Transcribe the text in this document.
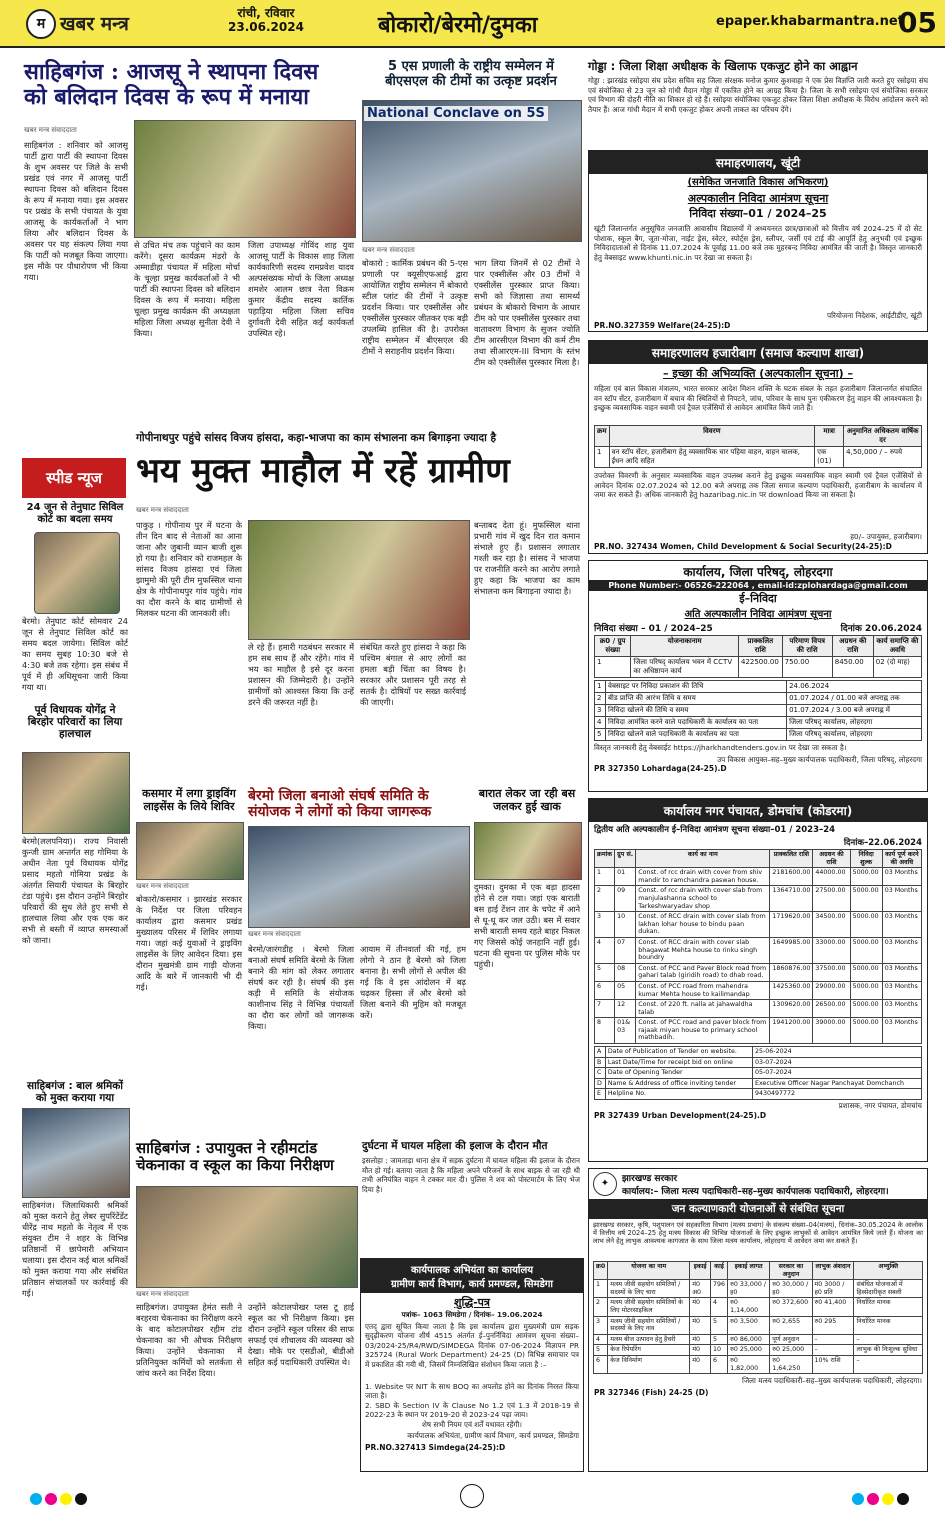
म खबर मन्त्र	रांची, रविवार
23.06.2024	बोकारो/बेरमो/दुमका	epaper.khabarmantra.net
05
साहिबगंज : आजसू ने स्थापना दिवस
को बलिदान दिवस के रूप में मनाया
खबर मन्त्र संवाददाता
साहिबगंज : शनिवार को आजसू पार्टी द्वारा पार्टी की स्थापना दिवस के शुभ अवसर पर जिले के सभी प्रखंड एवं नगर में आजसू पार्टी स्थापना दिवस को बलिदान दिवस के रूप में मनाया गया। इस अवसर पर प्रखंड के सभी पंचायत के युवा आजसू के कार्यकर्ताओं ने भाग लिया और बलिदान दिवस के अवसर पर यह संकल्प लिया गया कि पार्टी को मजबूत किया जाएगा। इस मौके पर पौधारोपण भी किया गया।
से उचित मंच तक पहुंचाने का काम करेंगे। दूसरा कार्यक्रम मंडरो के अम्माडीहा पंचायत में महिला मोर्चा के चूल्हा प्रमुख कार्यकर्ताओं ने भी पार्टी की स्थापना दिवस को बलिदान दिवस के रूप में मनाया। महिला चूल्हा प्रमुख कार्यक्रम की अध्यक्षता महिला जिला अध्यक्ष सुनीता देवी ने किया।
जिला उपाध्यक्ष गोविंद शाह युवा आजसू पार्टी के विकास शाह जिला कार्यकारिणी सदस्य रामप्रवेश यादव अल्पसंख्यक मोर्चा के जिला अध्यक्ष शमशेर आलम छात्र नेता विक्रम कुमार केंद्रीय सदस्य कार्तिक पहाड़िया महिला जिला सचिव दुर्गावती देवी सहित कई कार्यकर्ता उपस्थित रहे।
5 एस प्रणाली के राष्ट्रीय सम्मेलन में
बीएसएल की टीमों का उत्कृष्ट प्रदर्शन
National Conclave on 5S
खबर मन्त्र संवाददाता
बोकारो : कार्मिक प्रबंधन की 5-एस प्रणाली पर क्यूसीएफआई द्वारा आयोजित राष्ट्रीय सम्मेलन में बोकारो स्टील प्लांट की टीमों ने उत्कृष्ट प्रदर्शन किया। पार एक्सीलेंस और एक्सीलेंस पुरस्कार जीतकर एक बड़ी उपलब्धि हासिल की है। उपरोक्त राष्ट्रीय सम्मेलन में बीएसएल की टीमों ने सराहनीय प्रदर्शन किया।
भाग लिया जिनमें से 02 टीमों ने पार एक्सीलेंस और 03 टीमों ने एक्सीलेंस पुरस्कार प्राप्त किया। सभी को जिज्ञासा तथा सामर्थ्य प्रबंधन के बोकारो विभाग के आधार टीम को पार एक्सीलेंस पुरस्कार तथा वातावरण विभाग के सुजन ज्योति टीम आरसीएल विभाग की कर्म टीम तथा सीआरएम-III विभाग के स्तंभ टीम को एक्सीलेंस पुरस्कार मिला है।
गोड्डा : जिला शिक्षा अधीक्षक के खिलाफ एकजुट होने का आह्वान
गोड्डा : झारखंड रसोइया संघ प्रदेश सचिव सह जिला संरक्षक मनोज कुमार कुशवाहा ने एक प्रेस विज्ञप्ति जारी करते हुए रसोइया संघ एवं संयोजिका से 23 जून को गांधी मैदान गोड्डा में एकत्रित होने का आग्रह किया है। जिला के सभी रसोइया एवं संयोजिका सरकार एवं विभाग की दोहरी नीति का शिकार हो रहे हैं। रसोइया संयोजिका एकजुट होकर जिला शिक्षा अधीक्षक के विरोध आंदोलन करने को तैयार हैं। आज गांधी मैदान में सभी एकजुट होकर अपनी ताकत का परिचय देंगे।
समाहरणालय, खूंटी
(समेकित जनजाति विकास अभिकरण)
अल्पकालीन निविदा आमंत्रण सूचना
निविदा संख्या–01 / 2024–25
खूंटी जिलान्तर्गत अनुसूचित जनजाति आवासीय विद्यालयों में अध्ययनरत छात्र/छात्राओं को वित्तीय वर्ष 2024–25 में दो सेट पोशाक, स्कूल बैग, जूता-मोजा, नाईट ड्रेस, स्वेटर, स्पोर्ट्स ड्रेस, स्लीपर, जर्सी एवं टाई की आपूर्ति हेतु अनुभवी एवं इच्छुक निविदादाताओं से दिनांक 11.07.2024 के पूर्वाह्न 11.00 बजे तक मुहरबन्द निविदा आमंत्रित की जाती है। विस्तृत जानकारी हेतु वेबसाइट www.khunti.nic.in पर देखा जा सकता है।
परियोजना निदेशक, आईटीडीए, खूंटी
PR.NO.327359 Welfare(24-25):D
समाहरणालय हजारीबाग (समाज कल्याण शाखा)
– इच्छा की अभिव्यक्ति (अल्पकालीन सूचना) –
महिला एवं बाल विकास मंत्रालय, भारत सरकार आदेश मिशन शक्ति के घटक संबल के तहत हजारीबाग जिलान्तर्गत संचालित वन स्टॉप सेंटर, हजारीबाग में बचाव की स्थितियों से निपटने, जांच, परिवार के साथ पुनः एकीकरण हेतु वाहन की आवश्यकता है। इच्छुक व्यवसायिक वाहन स्वामी एवं ट्रैवल एजेंसियों से आवेदन आमंत्रित किये जाते हैं।
क्रम	विवरण	मात्रा	अनुमानित अधिकतम वार्षिक दर
1	वन स्टॉप सेंटर, हजारीबाग हेतु व्यवसायिक चार पहिया वाहन, वाहन चालक, ईंधन आदि सहित	एक (01)	4,50,000 / – रुपये
उपरोक्त विवरणी के अनुसार व्यवसायिक वाहन उपलब्ध कराने हेतु इच्छुक व्यवसायिक वाहन स्वामी एवं ट्रैवल एजेंसियों से आवेदन दिनांक 02.07.2024 को 12.00 बजे अपराह्न तक जिला समाज कल्याण पदाधिकारी, हजारीबाग के कार्यालय में जमा कर सकते हैं। अधिक जानकारी हेतु hazaribag.nic.in पर download किया जा सकता है।
ह0/– उपायुक्त, हजारीबाग।
PR.NO. 327434 Women, Child Development & Social Security(24-25):D
स्पीड न्यूज
24 जून से तेनुघाट सिविल कोर्ट का बदला समय
बेरमो। तेनुघाट कोर्ट सोमवार 24 जून से तेनुघाट सिविल कोर्ट का समय बदल जायेगा। सिविल कोर्ट का समय सुबह 10:30 बजे से 4:30 बजे तक रहेगा। इस संबंध में पूर्व में ही अधिसूचना जारी किया गया था।
पूर्व विधायक योगेंद्र ने बिरहोर परिवारों का लिया हालचाल
बेरमो(ललपनिया)। राज्य निवासी कुन्जी ग्राम अन्तर्गत सह गोमिया के अधीन नेता पूर्व विधायक योगेंद्र प्रसाद महतो गोमिया प्रखंड के अंतर्गत सियारी पंचायत के बिरहोर टंडा पहुंचे। इस दौरान उन्होंने बिरहोर परिवारों की सुध लेते हुए सभी से हालचाल लिया और एक एक कर सभी से बस्ती में व्याप्त समस्याओं को जाना।
साहिबगंज : बाल श्रमिकों को मुक्त कराया गया
साहिबगंज। जिलाधिकारी श्रमिकों को मुक्त कराने हेतु लेबर सुपरिंटेंडेंट धीरेंद्र नाथ महतो के नेतृत्व में एक संयुक्त टीम ने शहर के विभिन्न प्रतिष्ठानों में छापेमारी अभियान चलाया। इस दौरान कई बाल श्रमिकों को मुक्त कराया गया और संबंधित प्रतिष्ठान संचालकों पर कार्रवाई की गई।
गोपीनाथपुर पहुंचे सांसद विजय हांसदा, कहा-भाजपा का काम संभालना कम बिगाड़ना ज्यादा है
भय मुक्त माहौल में रहें ग्रामीण
खबर मन्त्र संवाददाता
पाकुड़ । गोपीनाथ पुर में घटना के तीन दिन बाद से नेताओं का आना जाना और जुबानी व्यान बाजी शुरू हो गया है। शनिवार को राजमहल के सांसद विजय हांसदा एवं जिला झामुमो की पूरी टीम मुफस्सिल थाना क्षेत्र के गोपीनाथपुर गांव पहुंचे। गांव का दौरा करने के बाद ग्रामीणों से मिलकर घटना की जानकारी ली।
ले रहे हैं। हमारी गठबंधन सरकार में हम सब साथ हैं और रहेंगे। गांव में भय का माहौल है इसे दूर करना प्रशासन की जिम्मेदारी है। उन्होंने ग्रामीणों को आश्वस्त किया कि उन्हें डरने की जरूरत नहीं है।
संबंधित करते हुए हांसदा ने कहा कि पश्चिम बंगाल से आए लोगों का हमला बड़ी चिंता का विषय है। सरकार और प्रशासन पूरी तरह से सतर्क है। दोषियों पर सख्त कार्रवाई की जाएगी।
बन्ताबद देता हूं। मुफस्सिल थाना प्रभारी गांव में खुद दिन रात कमान संभाले हुए हैं। प्रशासन लगातार गश्ती कर रहा है। सांसद ने भाजपा पर राजनीति करने का आरोप लगाते हुए कहा कि भाजपा का काम संभालना कम बिगाड़ना ज्यादा है।
कसमार में लगा ड्राइविंग लाइसेंस के लिये शिविर
खबर मन्त्र संवाददाता
बोकारो/कसमार । झारखंड सरकार के निर्देश पर जिला परिवहन कार्यालय द्वारा कसमार प्रखंड मुख्यालय परिसर में शिविर लगाया गया। जहां कई युवाओं ने ड्राइविंग लाइसेंस के लिए आवेदन दिया। इस दौरान मुखमंत्री ग्राम गाड़ी योजना आदि के बारे में जानकारी भी दी गई।
बेरमो जिला बनाओ संघर्ष समिति के
संयोजक ने लोगों को किया जागरूक
खबर मन्त्र संवाददाता
बेरमो/जारंगडीह । बेरमो जिला बनाओ संघर्ष समिति बेरमो के जिला बनाने की मांग को लेकर लगातार संघर्ष कर रही है। संघर्ष की इस कड़ी में समिति के संयोजक काशीनाथ सिंह ने विभिन्न पंचायतों का दौरा कर लोगों को जागरूक किया।
आयाम में तीनवार्ता की गई, हम लोगो ने ठान है बेरमो को जिला बनाना है। सभी लोगों से अपील की गई कि वे इस आंदोलन में बढ़ चढ़कर हिस्सा लें और बेरमो को जिला बनाने की मुहिम को मजबूत करें।
बारात लेकर जा रही बस जलकर हुई खाक
दुमका। दुमका में एक बड़ा हादसा होने से टल गया। जहां एक बाराती बस हाई टेंशन तार के चपेट में आने से धू-धू कर जल उठी। बस में सवार सभी बाराती समय रहते बाहर निकल गए जिससे कोई जनहानि नहीं हुई। घटना की सूचना पर पुलिस मौके पर पहुंची।
साहिबगंज : उपायुक्त ने रहीमटांड
चेकनाका व स्कूल का किया निरीक्षण
खबर मन्त्र संवाददाता
साहिबगंज। उपायुक्त हेमंत सती ने बरहरवा चेकनाका का निरीक्षण करने के बाद कोटालपोखर रहीम टांड चेकनाका का भी औचक निरीक्षण किया। उन्होंने चेकनाका में प्रतिनियुक्त कर्मियों को सतर्कता से जांच करने का निर्देश दिया।
उन्होंने कोटालपोखर प्लस टू हाई स्कूल का भी निरीक्षण किया। इस दौरान उन्होंने स्कूल परिसर की साफ सफाई एवं शौचालय की व्यवस्था को देखा। मौके पर एसडीओ, बीडीओ सहित कई पदाधिकारी उपस्थित थे।
दुर्घटना में घायल महिला की इलाज के दौरान मौत
इसलोहा : जामताड़ा थाना क्षेत्र में सड़क दुर्घटना में घायल महिला की इलाज के दौरान मौत हो गई। बताया जाता है कि महिला अपने परिजनों के साथ बाइक से जा रही थी तभी अनियंत्रित वाहन ने टक्कर मार दी। पुलिस ने शव को पोस्टमार्टम के लिए भेज दिया है।
कार्यपालक अभियंता का कार्यालय
ग्रामीण कार्य विभाग, कार्य प्रमण्डल, सिमडेगा
शुद्धि-पत्र
पत्रांक– 1063 सिमडेगा / दिनांक– 19.06.2024
एतद् द्वारा सूचित किया जाता है कि इस कार्यालय द्वारा मुख्यमंत्री ग्राम सड़क सुदृढ़ीकरण योजना शीर्ष 4515 अंतर्गत ई–पुनर्निविदा आमंत्रण सूचना संख्या–03/2024-25/R4/RWD/SIMDEGA दिनांक 07-06-2024 विज्ञापन PR 325724 (Rural Work Department) 24-25 (D) विभिन्न समाचार पत्र में प्रकाशित की गयी थी, जिसमें निम्नलिखित संशोधन किया जाता है :–
1. Website पर NIT के साथ BOQ का अपलोड होने का दिनांक निरस्त किया जाता है।
2. SBD के Section IV के Clause No 1.2 एवं 1.3 में 2018-19 से 2022-23 के स्थान पर 2019-20 से 2023-24 पढ़ा जाय।
शेष सभी नियम एवं शर्तें यथावत रहेंगी।
कार्यपालक अभियंता, ग्रामीण कार्य विभाग, कार्य प्रमण्डल, सिमडेगा
PR.NO.327413 Simdega(24-25):D
कार्यालय, जिला परिषद्, लोहरदगा
Phone Number:- 06526-222064 , email-id:zplohardaga@gmail.com
ई–निविदा
अति अल्पकालीन निविदा आमंत्रण सूचना
निविदा संख्या – 01 / 2024–25	दिनांक 20.06.2024
क्र0 / ग्रुप संख्या	योजनाकानाम	प्राक्कलित राशि	परिमाण विपत्र की राशि	अग्रधन की राशि	कार्य समाप्ति की अवधि
1	जिला परिषद् कार्यालय भवन में CCTV का अधिष्ठापन कार्य	422500.00	750.00	8450.00	02 (दो माह)
1	वेबसाइट पर निविदा प्रकाशन की तिथि	24.06.2024
2	बीड प्राप्ति की आरंभ तिथि व समय	01.07.2024 / 01.00 बजे अपराह्न तक
3	निविदा खोलने की तिथि व समय	01.07.2024 / 3.00 बजे अपराह्न में
4	निविदा आमंत्रित करने वाले पदाधिकारी के कार्यालय का पता	जिला परिषद् कार्यालय, लोहरदगा
5	निविदा खोलने वाले पदाधिकारी के कार्यालय का पता	जिला परिषद् कार्यालय, लोहरदगा
विस्तृत जानकारी हेतु वेबसाईट https://jharkhandtenders.gov.in पर देखा जा सकता है।
उप विकास आयुक्त–सह–मुख्य कार्यपालक पदाधिकारी, जिला परिषद्, लोहरदगा
PR 327350 Lohardaga(24-25).D
कार्यालय नगर पंचायत, डोमचांच (कोडरमा)
द्वितीय अति अल्पकालीन ई–निविदा आमंत्रण सूचना संख्या–01 / 2023–24
दिनांक–22.06.2024
क्रमांक	ग्रुप सं.	कार्य का नाम	प्राक्कलित राशि	अग्रधन की राशि	निविदा शुल्क	कार्य पूर्ण करने की अवधि
1	01	Const. of rcc drain with cover from shiv mandir to ramchandra paswan house.	2181600.00	44000.00	5000.00	03 Months
2	09	Const. of rcc drain with cover slab from manjulashanna school to Tarkeshwaryadav shop	1364710.00	27500.00	5000.00	03 Months
3	10	Const. of RCC drain with cover slab from lakhan lohar house to bindu paan dukan.	1719620.00	34500.00	5000.00	03 Months
4	07	Const. of RCC drain with cover slab bhagawat Mehta house to rinku singh boundry	1649985.00	33000.00	5000.00	03 Months
5	08	Const. of PCC and Paver Block road from gahari talab (giridih road) to dhab road.	1860876.00	37500.00	5000.00	03 Months
6	05	Const. of PCC road from mahendra kumar Mehta house to kailimandap	1425360.00	29000.00	5000.00	03 Months
7	12	Const. of 220 ft. nalla at jahawaldha talab	1309620.00	26500.00	5000.00	03 Months
8	01& 03	Const. of PCC road and paver block from rajaak miyan house to primary school mathbadih.	1941200.00	39000.00	5000.00	03 Months
A	Date of Publication of Tender on website.	25-06-2024
B	Last Date/Time for receipt bid on online	03-07-2024
C	Date of Opening Tender	05-07-2024
D	Name & Address of office inviting tender	Executive Officer Nagar Panchayat Domchanch
E	Helpline No.	9430497772
प्रशासक, नगर पंचायत, डोमचांच
PR 327439 Urban Development(24-25).D
✦	झारखण्ड सरकार
कार्यालय:– जिला मत्स्य पदाधिकारी–सह–मुख्य कार्यपालक पदाधिकारी, लोहरदगा।
जन कल्याणकारी योजनाओं से संबंधित सूचना
झारखण्ड सरकार, कृषि, पशुपालन एवं सहकारिता विभाग (मत्स्य प्रभाग) के संकल्प संख्या–04(मत्स्य), दिनांक–30.05.2024 के आलोक में वित्तीय वर्ष 2024–25 हेतु मत्स्य विकास की विभिन्न योजनाओं के लिए इच्छुक लाभुकों से आवेदन आमंत्रित किये जाते हैं। योजना का लाभ लेने हेतु लाभुक आवश्यक कागजात के साथ जिला मत्स्य कार्यालय, लोहरदगा में आवेदन जमा कर सकते हैं।
क्र0	योजना का नाम	इकाई	काई	इकाई लागत	सरकार का अनुदान	लाभुक अंशदान	अभ्युक्ति
1	मत्स्य जीवी सहयोग समितियों / सदस्यों के लिए चारा	मं0 अ0	796	रु0 33,000 / ह0	रु0 30,000 / ह0	मं0 3000 / ह0 प्रति	संबंधित योजनाओं में हिस्सेदारीकृत सबली
2	मत्स्य जीवी सहयोग समितियों के लिए मोटरसाइकिल	मं0	4	रु0 1,14,000	रु0 372,600	रु0 41,400	निर्धारित मानक
3	मत्स्य जीवी सहयोग समितियों / सदस्यों के लिए नाव	मं0	5	रु0 3,500	रु0 2,655	रु0 295	निर्धारित मानक
4	मत्स्य बीज उत्पादन हेतु हैचरी	मं0	5	रु0 86,000	पूर्ण अनुदान	–	–
5	केज रिपेयरिंग	मं0	10	रु0 25,000	रु0 25,000	–	लाभुक की निःशुल्क सुविधा
6	केज विनिर्माण	मं0	6	रु0 1,82,000	रु0 1,64,250	10% राशि	–
जिला मत्स्य पदाधिकारी–सह–मुख्य कार्यपालक पदाधिकारी, लोहरदगा।
PR 327346 (Fish) 24-25 (D)
